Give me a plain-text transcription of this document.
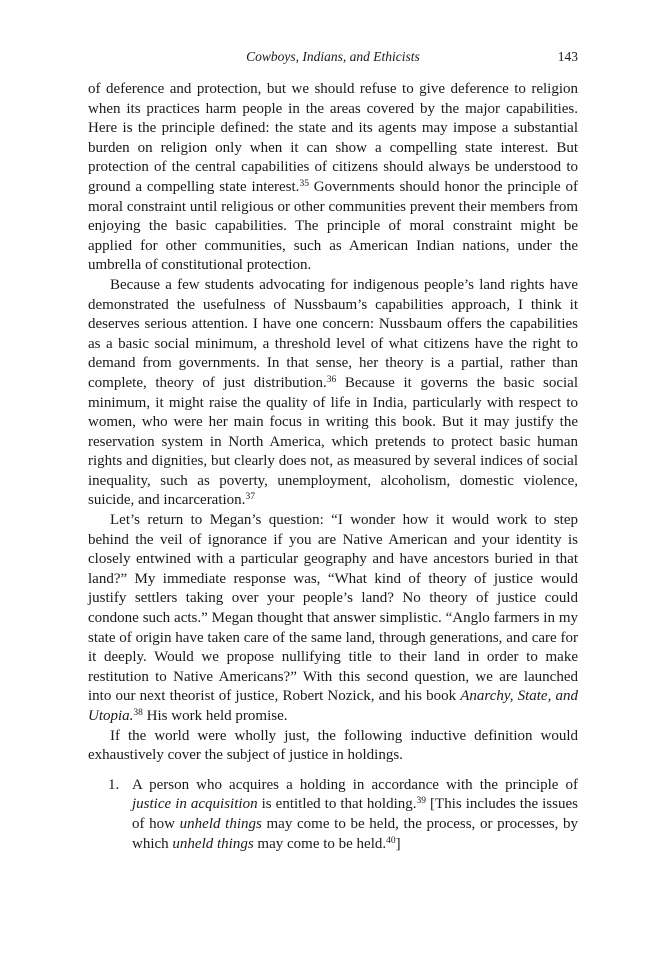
Cowboys, Indians, and Ethicists	143

of deference and protection, but we should refuse to give deference to religion when its practices harm people in the areas covered by the major capabilities. Here is the principle defined: the state and its agents may impose a substantial burden on religion only when it can show a compelling state interest. But protection of the central capabilities of citizens should always be understood to ground a compelling state interest.$^{35}$ Governments should honor the principle of moral constraint until religious or other communities prevent their members from enjoying the basic capabilities. The principle of moral constraint might be applied for other communities, such as American Indian nations, under the umbrella of constitutional protection.

Because a few students advocating for indigenous people’s land rights have demonstrated the usefulness of Nussbaum’s capabilities approach, I think it deserves serious attention. I have one concern: Nussbaum offers the capabilities as a basic social minimum, a threshold level of what citizens have the right to demand from governments. In that sense, her theory is a partial, rather than complete, theory of just distribution.$^{36}$ Because it governs the basic social minimum, it might raise the quality of life in India, particularly with respect to women, who were her main focus in writing this book. But it may justify the reservation system in North America, which pretends to protect basic human rights and dignities, but clearly does not, as measured by several indices of social inequality, such as poverty, unemployment, alcoholism, domestic violence, suicide, and incarceration.$^{37}$

Let’s return to Megan’s question: “I wonder how it would work to step behind the veil of ignorance if you are Native American and your identity is closely entwined with a particular geography and have ancestors buried in that land?” My immediate response was, “What kind of theory of justice would justify settlers taking over your people’s land? No theory of justice could condone such acts.” Megan thought that answer simplistic. “Anglo farmers in my state of origin have taken care of the same land, through generations, and care for it deeply. Would we propose nullifying title to their land in order to make restitution to Native Americans?” With this second question, we are launched into our next theorist of justice, Robert Nozick, and his book Anarchy, State, and Utopia.$^{38}$ His work held promise.

If the world were wholly just, the following inductive definition would exhaustively cover the subject of justice in holdings.

1. A person who acquires a holding in accordance with the principle of justice in acquisition is entitled to that holding.$^{39}$ [This includes the issues of how unheld things may come to be held, the process, or processes, by which unheld things may come to be held.$^{40}$]
